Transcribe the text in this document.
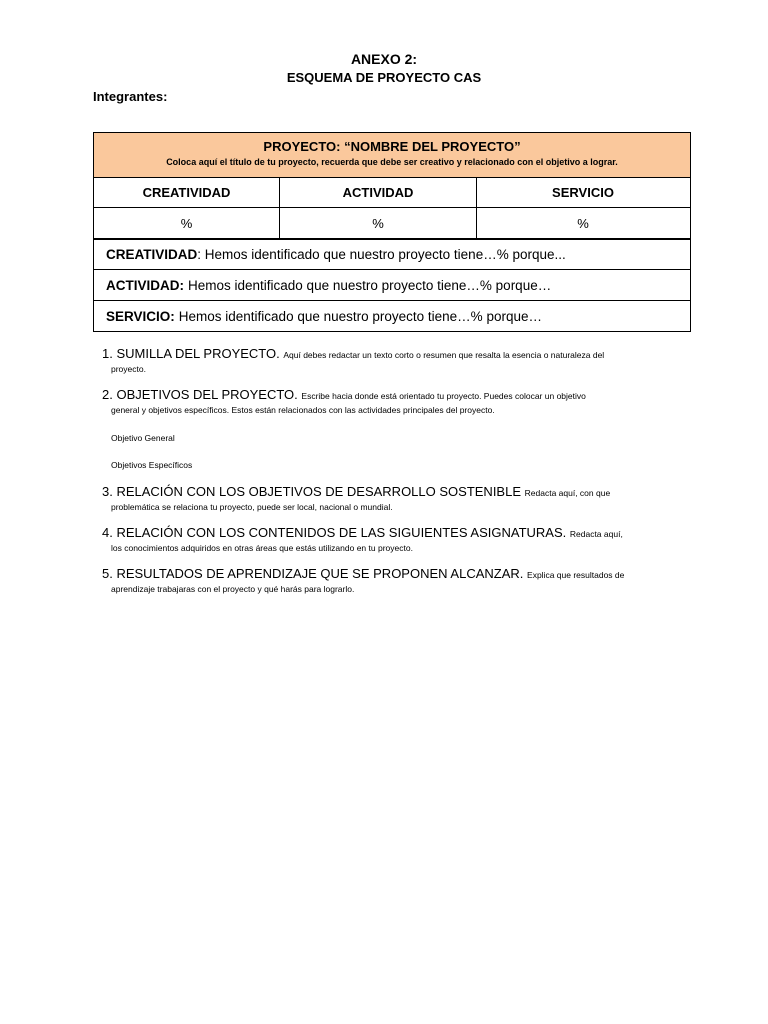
ANEXO 2:
ESQUEMA DE PROYECTO CAS
Integrantes:
PROYECTO: “NOMBRE DEL PROYECTO”
Coloca aquí el título de tu proyecto, recuerda que debe ser creativo y relacionado con el objetivo a lograr.
CREATIVIDAD	ACTIVIDAD	SERVICIO
%	%	%
CREATIVIDAD : Hemos identificado que nuestro proyecto tiene…% porque...
ACTIVIDAD: Hemos identificado que nuestro proyecto tiene…% porque…
SERVICIO: Hemos identificado que nuestro proyecto tiene…% porque…
1. SUMILLA DEL PROYECTO. Aquí debes redactar un texto corto o resumen que resalta la esencia o naturaleza del
proyecto.
2. OBJETIVOS DEL PROYECTO. Escribe hacia donde está orientado tu proyecto. Puedes colocar un objetivo
general y objetivos específicos. Estos están relacionados con las actividades principales del proyecto.
Objetivo General
Objetivos Específicos
3. RELACIÓN CON LOS OBJETIVOS DE DESARROLLO SOSTENIBLE Redacta aquí, con que
problemática se relaciona tu proyecto, puede ser local, nacional o mundial.
4. RELACIÓN CON LOS CONTENIDOS DE LAS SIGUIENTES ASIGNATURAS. Redacta aquí,
los conocimientos adquiridos en otras áreas que estás utilizando en tu proyecto.
5. RESULTADOS DE APRENDIZAJE QUE SE PROPONEN ALCANZAR. Explica que resultados de
aprendizaje trabajaras con el proyecto y qué harás para lograrlo.
